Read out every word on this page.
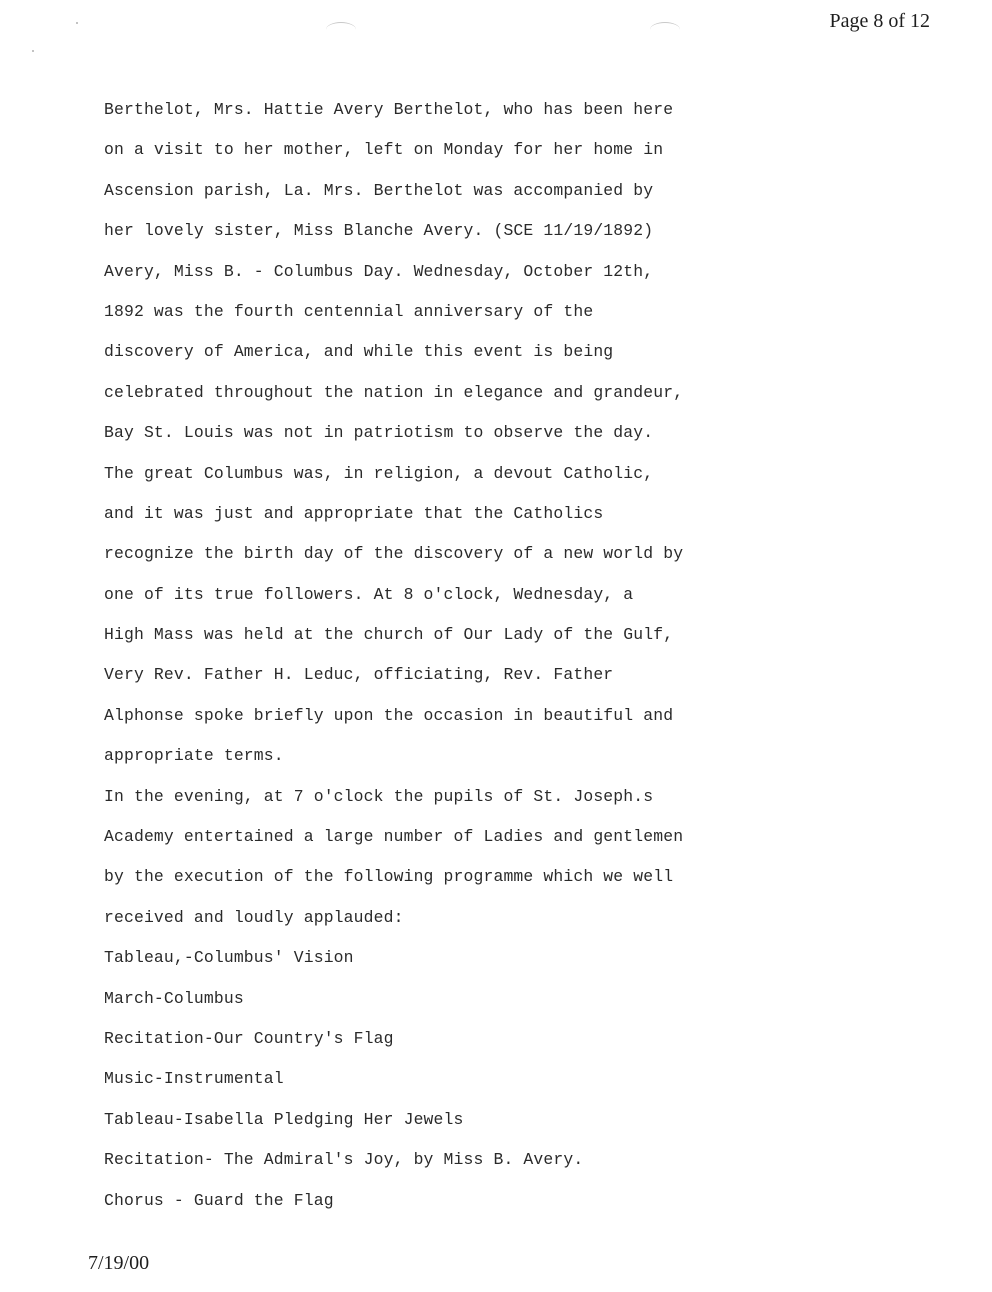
Page 8 of 12
Berthelot, Mrs. Hattie Avery Berthelot, who has been here
on a visit to her mother, left on Monday for her home in
Ascension parish, La. Mrs. Berthelot was accompanied by
her lovely sister, Miss Blanche Avery. (SCE 11/19/1892)
Avery, Miss B. - Columbus Day. Wednesday, October 12th,
1892 was the fourth centennial anniversary of the
discovery of America, and while this event is being
celebrated throughout the nation in elegance and grandeur,
Bay St. Louis was not in patriotism to observe the day.
The great Columbus was, in religion, a devout Catholic,
and it was just and appropriate that the Catholics
recognize the birth day of the discovery of a new world by
one of its true followers. At 8 o'clock, Wednesday, a
High Mass was held at the church of Our Lady of the Gulf,
Very Rev. Father H. Leduc, officiating, Rev. Father
Alphonse spoke briefly upon the occasion in beautiful and
appropriate terms.
In the evening, at 7 o'clock the pupils of St. Joseph.s
Academy entertained a large number of Ladies and gentlemen
by the execution of the following programme which we well
received and loudly applauded:
Tableau,-Columbus' Vision
March-Columbus
Recitation-Our Country's Flag
Music-Instrumental
Tableau-Isabella Pledging Her Jewels
Recitation- The Admiral's Joy, by Miss B. Avery.
Chorus - Guard the Flag
7/19/00
